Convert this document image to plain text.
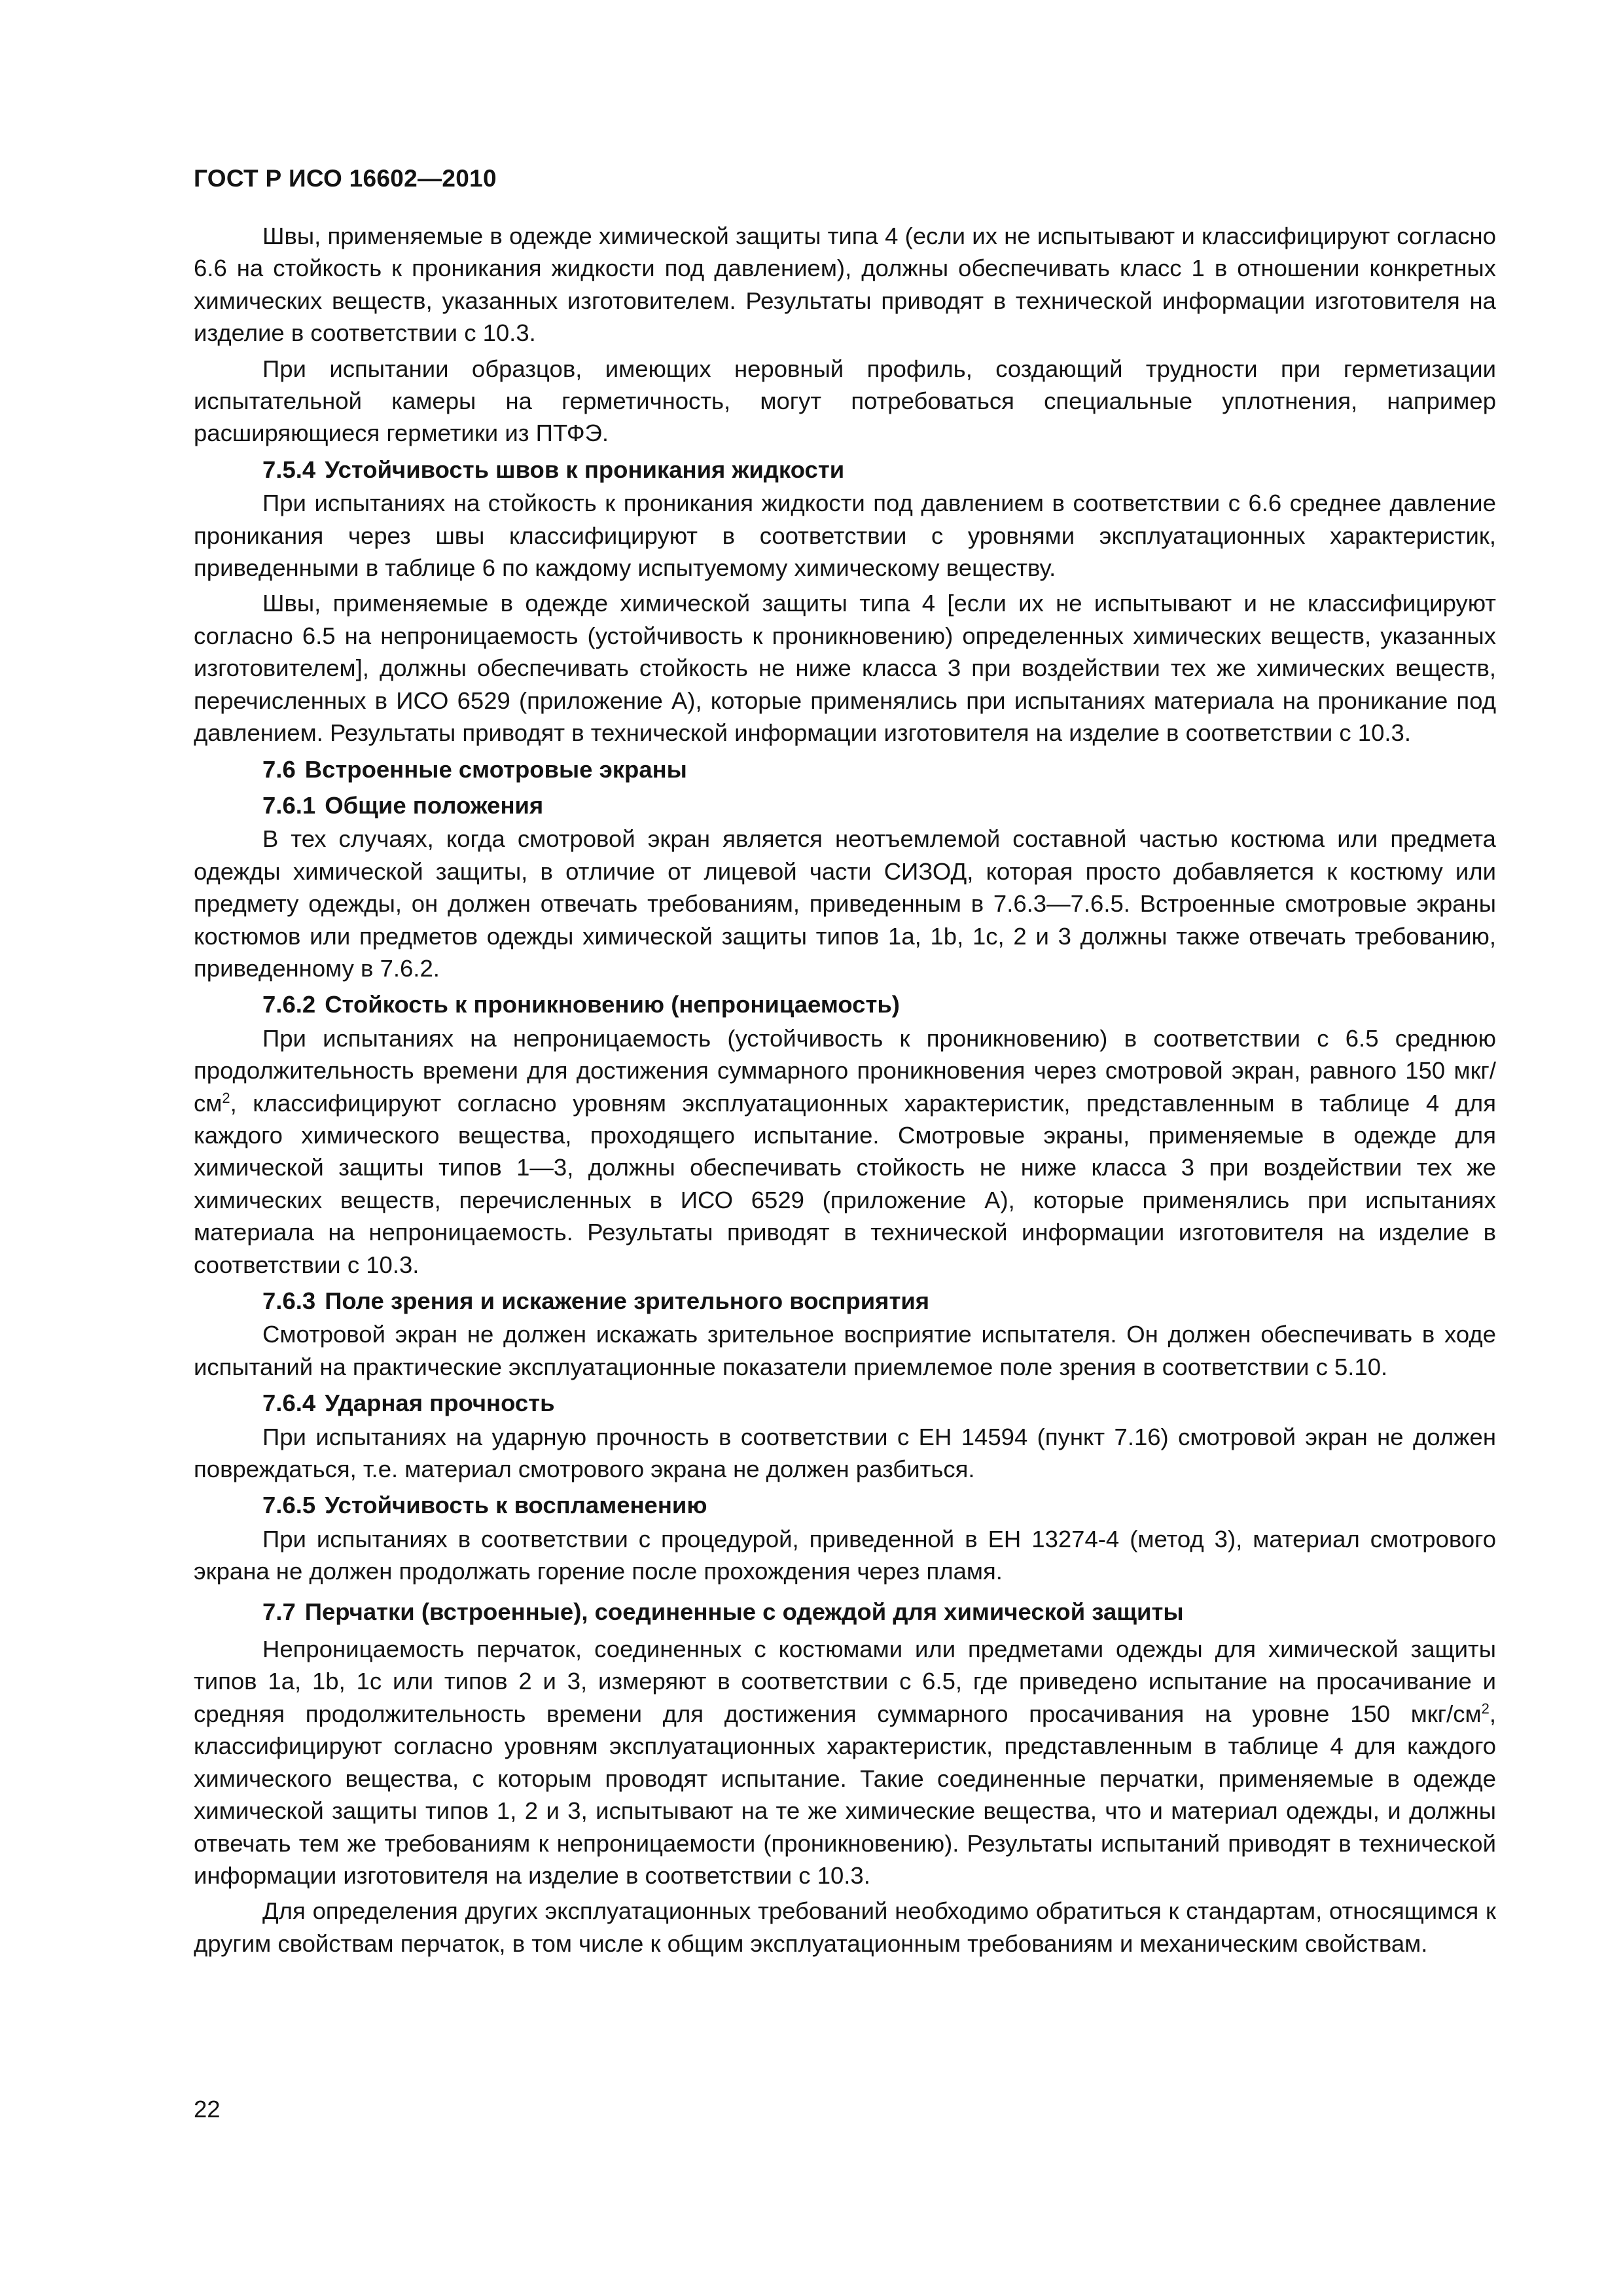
ГОСТ Р ИСО 16602—2010

Швы, применяемые в одежде химической защиты типа 4 (если их не испытывают и классифицируют согласно 6.6 на стойкость к проникания жидкости под давлением), должны обеспечивать класс 1 в отношении конкретных химических веществ, указанных изготовителем. Результаты приводят в технической информации изготовителя на изделие в соответствии с 10.3.

При испытании образцов, имеющих неровный профиль, создающий трудности при герметизации испытательной камеры на герметичность, могут потребоваться специальные уплотнения, например расширяющиеся герметики из ПТФЭ.

7.5.4 Устойчивость швов к проникания жидкости

При испытаниях на стойкость к проникания жидкости под давлением в соответствии с 6.6 среднее давление проникания через швы классифицируют в соответствии с уровнями эксплуатационных характеристик, приведенными в таблице 6 по каждому испытуемому химическому веществу.

Швы, применяемые в одежде химической защиты типа 4 [если их не испытывают и не классифицируют согласно 6.5 на непроницаемость (устойчивость к проникновению) определенных химических веществ, указанных изготовителем], должны обеспечивать стойкость не ниже класса 3 при воздействии тех же химических веществ, перечисленных в ИСО 6529 (приложение А), которые применялись при испытаниях материала на проникание под давлением. Результаты приводят в технической информации изготовителя на изделие в соответствии с 10.3.

7.6 Встроенные смотровые экраны
7.6.1 Общие положения

В тех случаях, когда смотровой экран является неотъемлемой составной частью костюма или предмета одежды химической защиты, в отличие от лицевой части СИЗОД, которая просто добавляется к костюму или предмету одежды, он должен отвечать требованиям, приведенным в 7.6.3—7.6.5. Встроенные смотровые экраны костюмов или предметов одежды химической защиты типов 1a, 1b, 1c, 2 и 3 должны также отвечать требованию, приведенному в 7.6.2.

7.6.2 Стойкость к проникновению (непроницаемость)

При испытаниях на непроницаемость (устойчивость к проникновению) в соответствии с 6.5 среднюю продолжительность времени для достижения суммарного проникновения через смотровой экран, равного 150 мкг/$см^2$, классифицируют согласно уровням эксплуатационных характеристик, представленным в таблице 4 для каждого химического вещества, проходящего испытание. Смотровые экраны, применяемые в одежде для химической защиты типов 1—3, должны обеспечивать стойкость не ниже класса 3 при воздействии тех же химических веществ, перечисленных в ИСО 6529 (приложение А), которые применялись при испытаниях материала на непроницаемость. Результаты приводят в технической информации изготовителя на изделие в соответствии с 10.3.

7.6.3 Поле зрения и искажение зрительного восприятия

Смотровой экран не должен искажать зрительное восприятие испытателя. Он должен обеспечивать в ходе испытаний на практические эксплуатационные показатели приемлемое поле зрения в соответствии с 5.10.

7.6.4 Ударная прочность

При испытаниях на ударную прочность в соответствии с ЕН 14594 (пункт 7.16) смотровой экран не должен повреждаться, т.е. материал смотрового экрана не должен разбиться.

7.6.5 Устойчивость к воспламенению

При испытаниях в соответствии с процедурой, приведенной в ЕН 13274-4 (метод 3), материал смотрового экрана не должен продолжать горение после прохождения через пламя.

7.7 Перчатки (встроенные), соединенные с одеждой для химической защиты

Непроницаемость перчаток, соединенных с костюмами или предметами одежды для химической защиты типов 1a, 1b, 1c или типов 2 и 3, измеряют в соответствии с 6.5, где приведено испытание на просачивание и средняя продолжительность времени для достижения суммарного просачивания на уровне 150 мкг/$см^2$, классифицируют согласно уровням эксплуатационных характеристик, представленным в таблице 4 для каждого химического вещества, с которым проводят испытание. Такие соединенные перчатки, применяемые в одежде химической защиты типов 1, 2 и 3, испытывают на те же химические вещества, что и материал одежды, и должны отвечать тем же требованиям к непроницаемости (проникновению). Результаты испытаний приводят в технической информации изготовителя на изделие в соответствии с 10.3.

Для определения других эксплуатационных требований необходимо обратиться к стандартам, относящимся к другим свойствам перчаток, в том числе к общим эксплуатационным требованиям и механическим свойствам.

22
